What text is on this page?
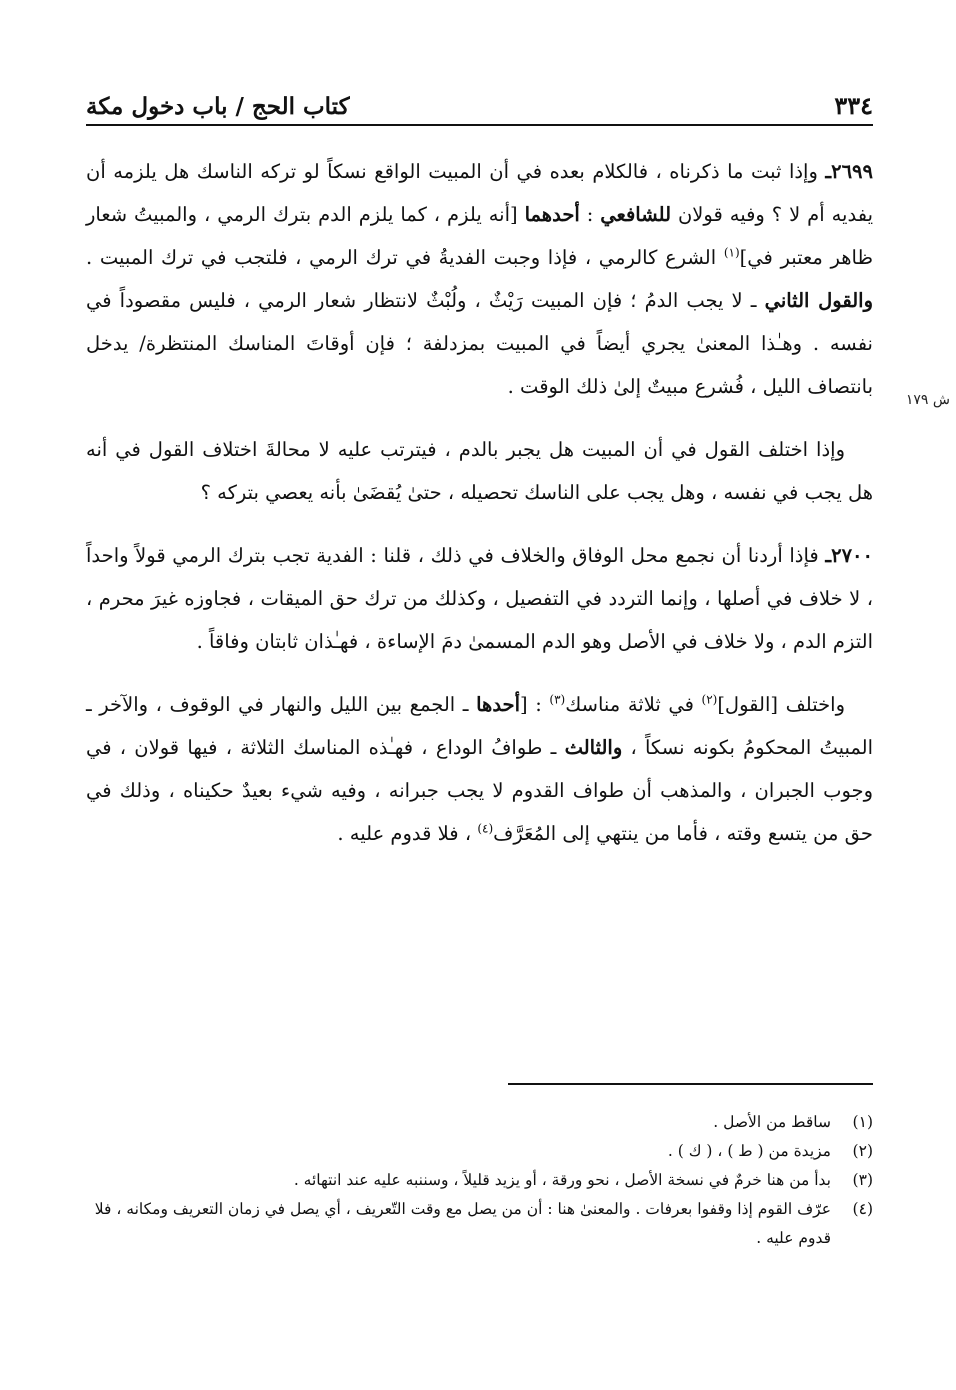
٣٣٤
كتاب الحج / باب دخول مكة
ش ١٧٩

٢٦٩٩ـ وإذا ثبت ما ذكرناه ، فالكلام بعده في أن المبيت الواقع نسكاً لو تركه الناسك هل يلزمه أن يفديه أم لا ؟ وفيه قولان للشافعي : أحدهما [أنه يلزم ، كما يلزم الدم بترك الرمي ، والمبيتُ شعار ظاهر معتبر في]$^{(١)}$ الشرع كالرمي ، فإذا وجبت الفديةُ في ترك الرمي ، فلتجب في ترك المبيت . والقول الثاني ـ لا يجب الدمُ ؛ فإن المبيت رَيْثٌ ، ولُبْثٌ لانتظار شعار الرمي ، فليس مقصوداً في نفسه . وهـٰذا المعنىٰ يجري أيضاً في المبيت بمزدلفة ؛ فإن أوقاتَ المناسك المنتظرة/ يدخل بانتصاف الليل ، فُشرع مبيتٌ إلىٰ ذلك الوقت .

وإذا اختلف القول في أن المبيت هل يجبر بالدم ، فيترتب عليه لا محالةَ اختلاف القول في أنه هل يجب في نفسه ، وهل يجب على الناسك تحصيله ، حتىٰ يُقضَىٰ بأنه يعصي بتركه ؟

٢٧٠٠ـ فإذا أردنا أن نجمع محل الوفاق والخلاف في ذلك ، قلنا : الفدية تجب بترك الرمي قولاً واحداً ، لا خلاف في أصلها ، وإنما التردد في التفصيل ، وكذلك من ترك حق الميقات ، فجاوزه غيرَ محرم ، التزم الدم ، ولا خلاف في الأصل وهو الدم المسمىٰ دمَ الإساءة ، فهـٰذان ثابتان وفاقاً .

واختلف [القول]$^{(٢)}$ في ثلاثة مناسك$^{(٣)}$ : [أحدها ـ الجمع بين الليل والنهار في الوقوف ، والآخر ـ المبيتُ المحكومُ بكونه نسكاً ، والثالث ـ طوافُ الوداع ، فهـٰذه المناسك الثلاثة ، فيها قولان ، في وجوب الجبران ، والمذهب أن طواف القدوم لا يجب جبرانه ، وفيه شيء بعيدٌ حكيناه ، وذلك في حق من يتسع وقته ، فأما من ينتهي إلى المُعَرَّف$^{(٤)}$ ، فلا قدوم عليه .

(١)
ساقط من الأصل .
(٢)
مزيدة من ( ط ) ، ( ك ) .
(٣)
بدأ من هنا خرمٌ في نسخة الأصل ، نحو ورقة ، أو يزيد قليلاً ، وسننبه عليه عند انتهائه .
(٤)
عرّف القوم إذا وقفوا بعرفات . والمعنىٰ هنا : أن من يصل مع وقت التّعريف ، أي يصل في زمان التعريف ومكانه ، فلا قدوم عليه .
